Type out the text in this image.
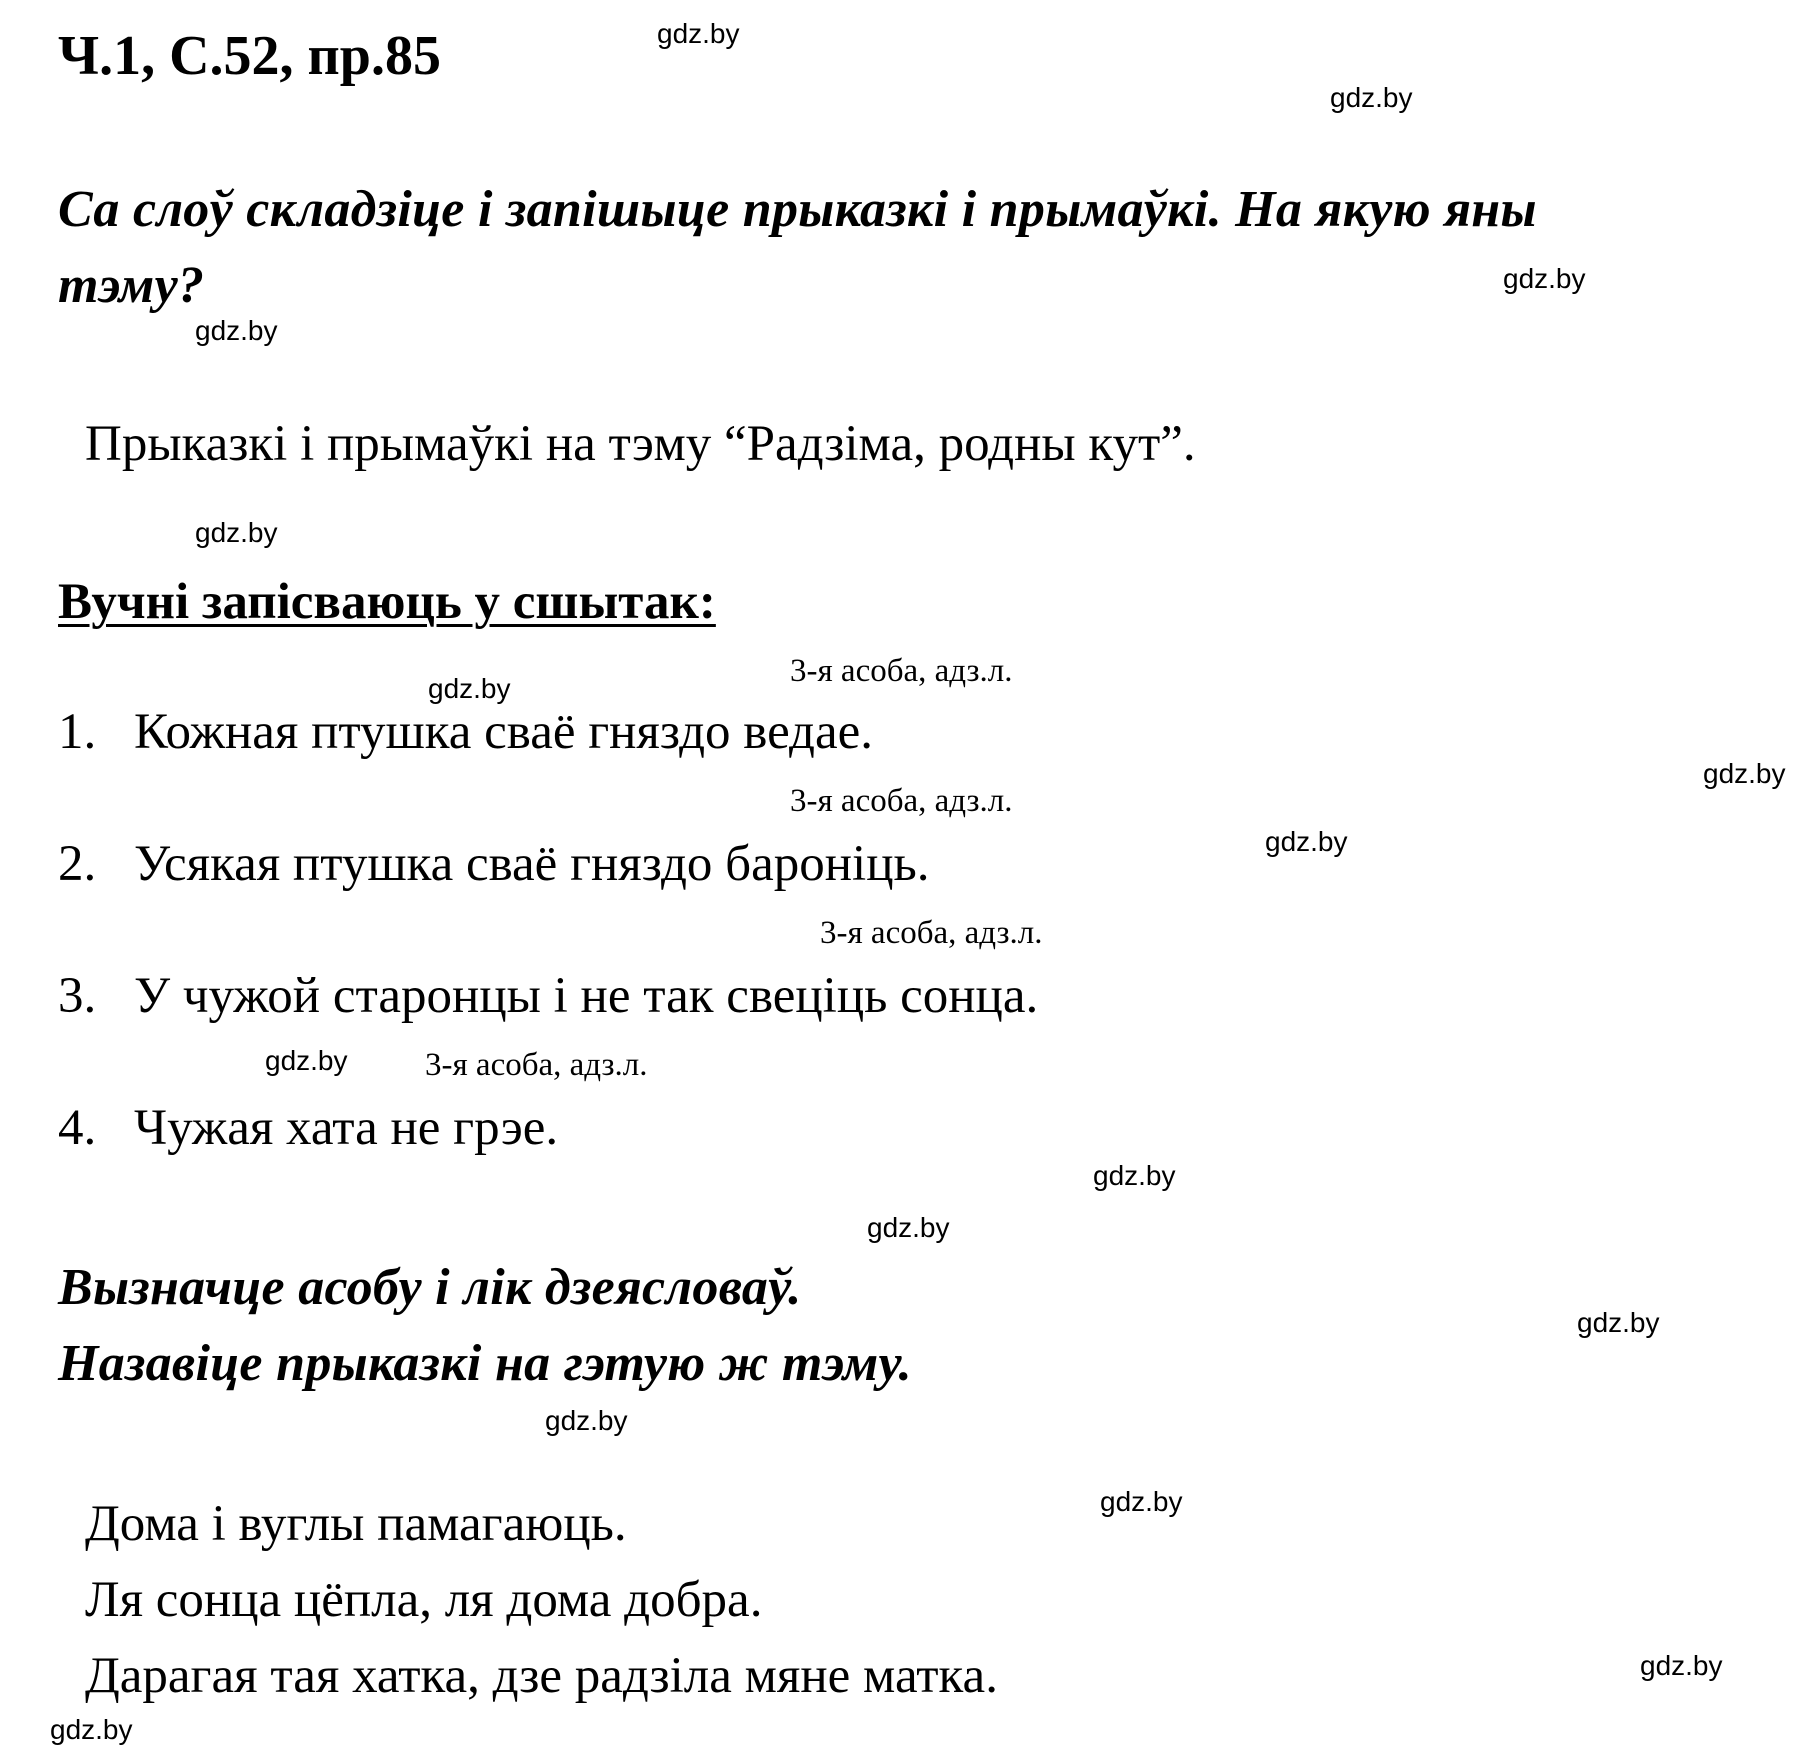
Ч.1, С.52, пр.85
Са слоў складзіце і запішыце прыказкі і прымаўкі. На якую яны
тэму?
Прыказкі і прымаўкі на тэму “Радзіма, родны кут”.
Вучні запісваюць у сшытак:
3-я асоба, адз.л.
1. Кожная птушка сваё гняздо ведае.
3-я асоба, адз.л.
2. Усякая птушка сваё гняздо бароніць.
3-я асоба, адз.л.
3. У чужой старонцы і не так свеціць сонца.
3-я асоба, адз.л.
4. Чужая хата не грэе.
Вызначце асобу і лік дзеясловаў.
Назавіце прыказкі на гэтую ж тэму.
Дома і вуглы памагаюць.
Ля сонца цёпла, ля дома добра.
Дарагая тая хатка, дзе радзіла мяне матка.
gdz.by
gdz.by
gdz.by
gdz.by
gdz.by
gdz.by
gdz.by
gdz.by
gdz.by
gdz.by
gdz.by
gdz.by
gdz.by
gdz.by
gdz.by
gdz.by
